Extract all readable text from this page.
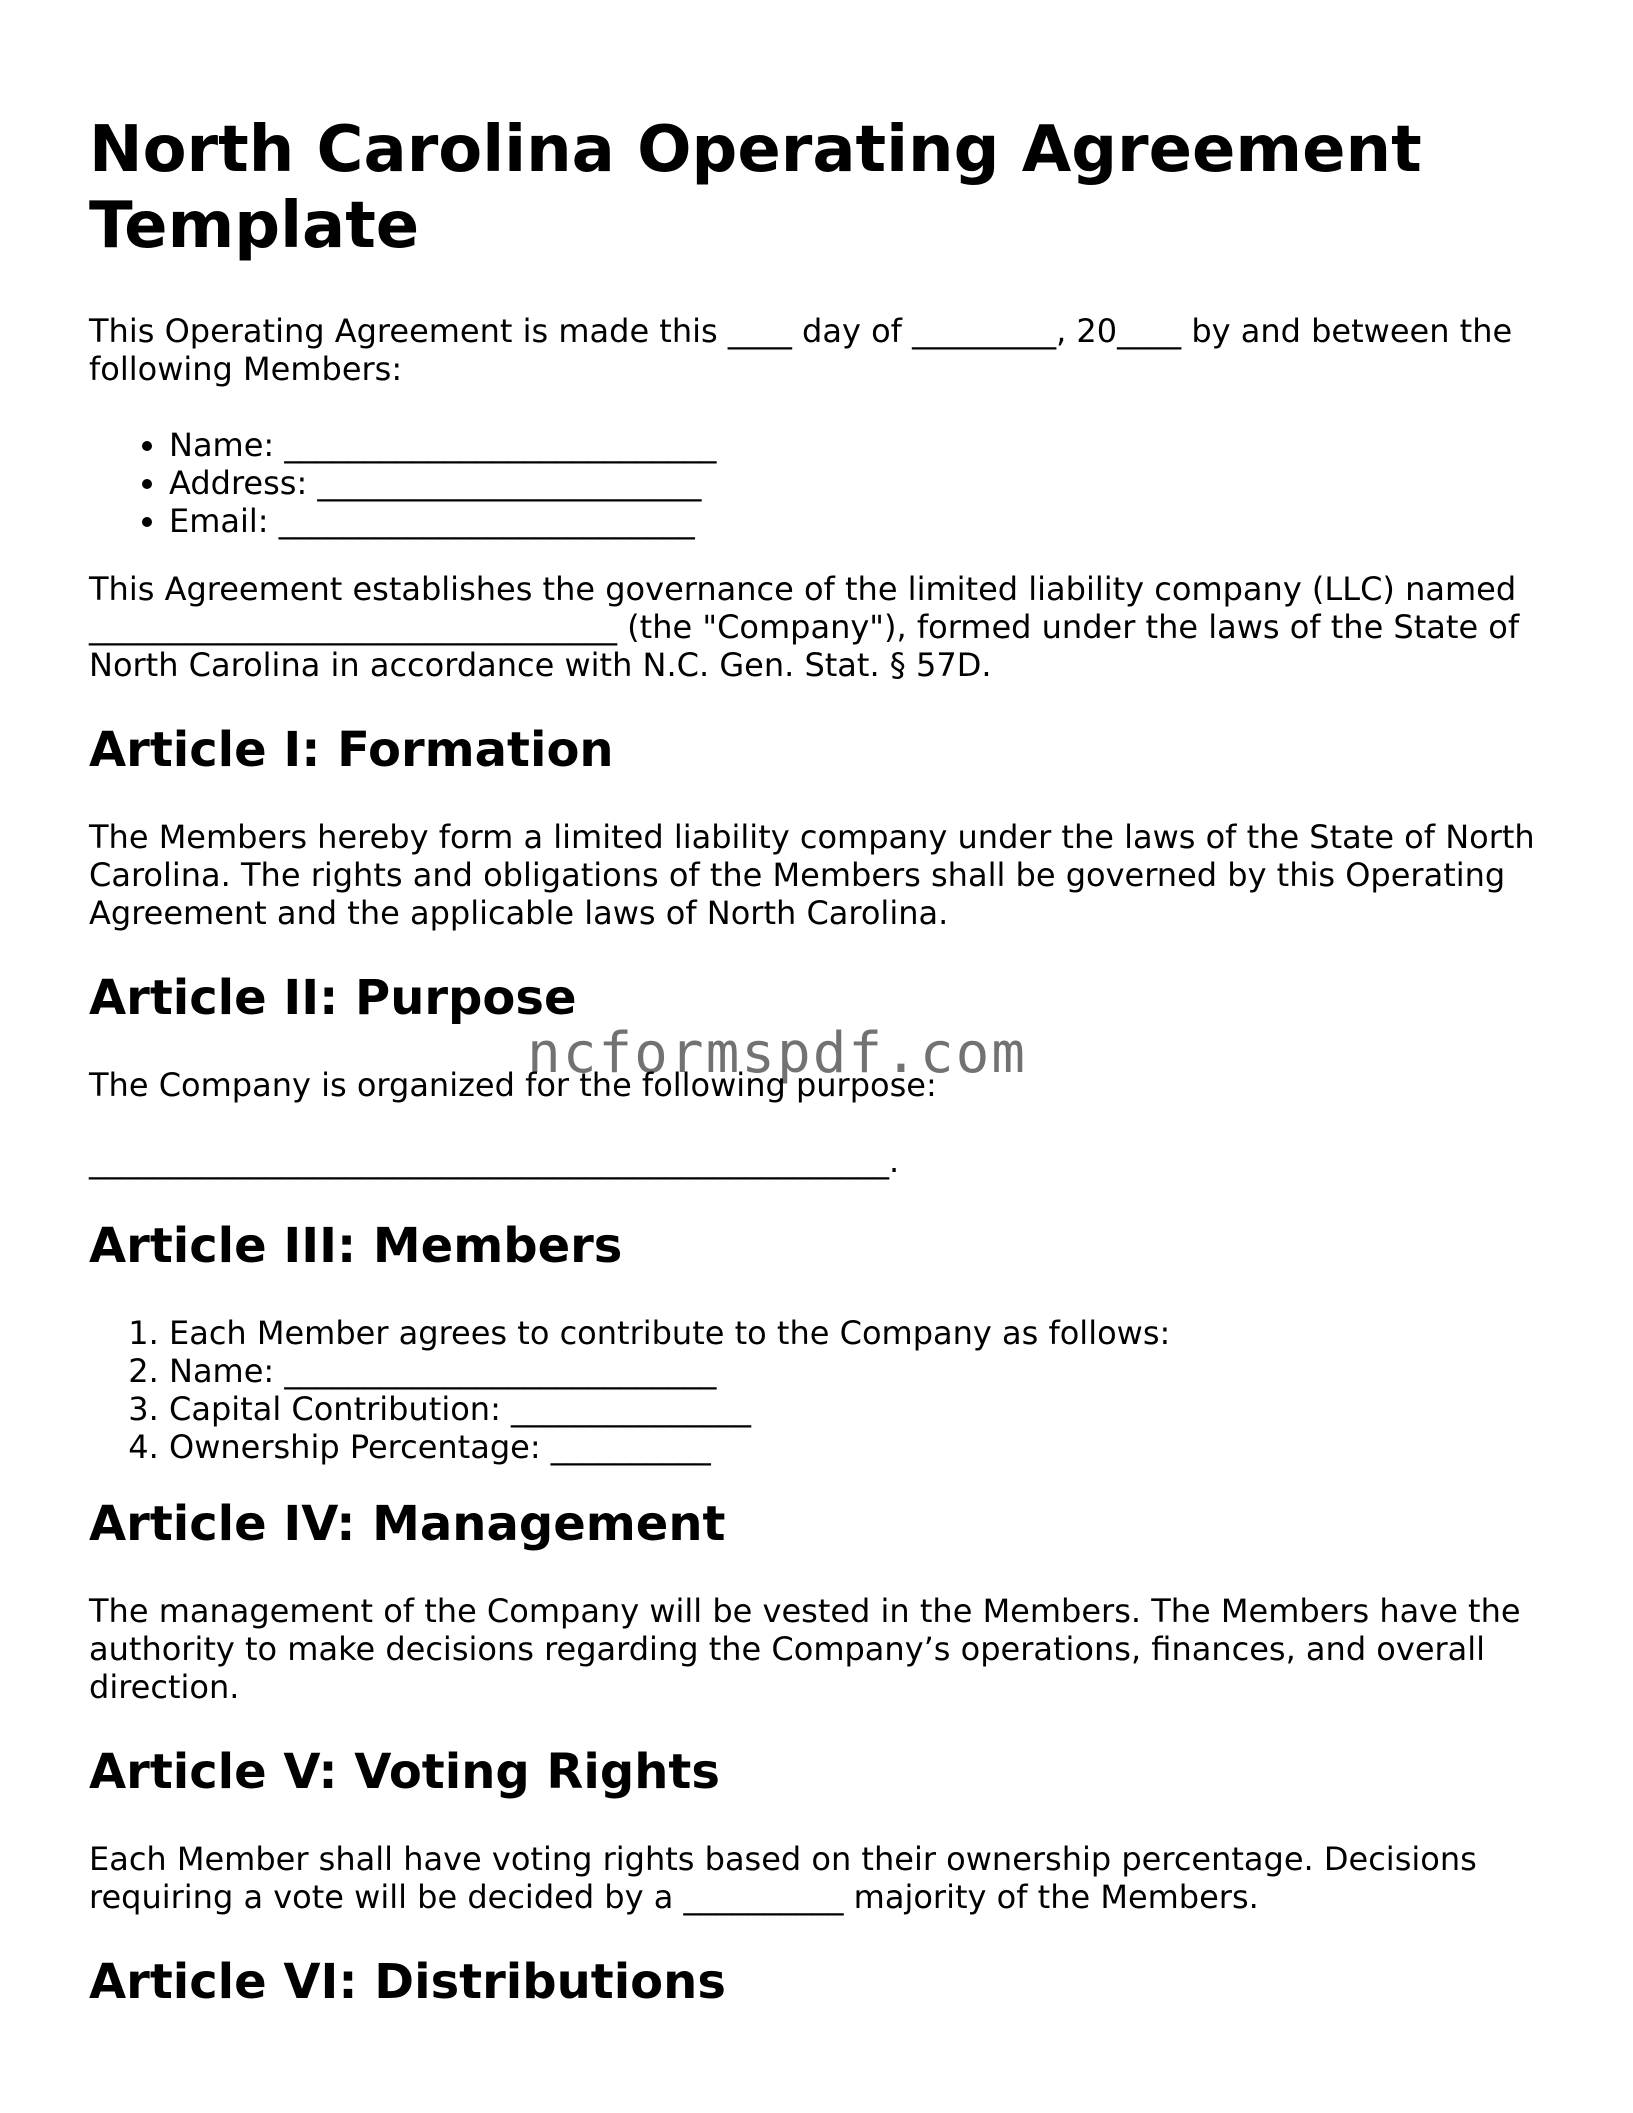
North Carolina Operating Agreement Template

This Operating Agreement is made this ____ day of _________, 20____ by and between the following Members:

• Name: ___________________________
• Address: ________________________
• Email: __________________________

This Agreement establishes the governance of the limited liability company (LLC) named _________________________________ (the "Company"), formed under the laws of the State of North Carolina in accordance with N.C. Gen. Stat. § 57D.

Article I: Formation

The Members hereby form a limited liability company under the laws of the State of North Carolina. The rights and obligations of the Members shall be governed by this Operating Agreement and the applicable laws of North Carolina.

Article II: Purpose

The Company is organized for the following purpose:

__________________________________________________.

Article III: Members
1. Each Member agrees to contribute to the Company as follows:
2. Name: ___________________________
3. Capital Contribution: _______________
4. Ownership Percentage: __________
Article IV: Management

The management of the Company will be vested in the Members. The Members have the authority to make decisions regarding the Company’s operations, finances, and overall direction.

Article V: Voting Rights

Each Member shall have voting rights based on their ownership percentage. Decisions requiring a vote will be decided by a __________ majority of the Members.

Article VI: Distributions
ncformspdf.com
